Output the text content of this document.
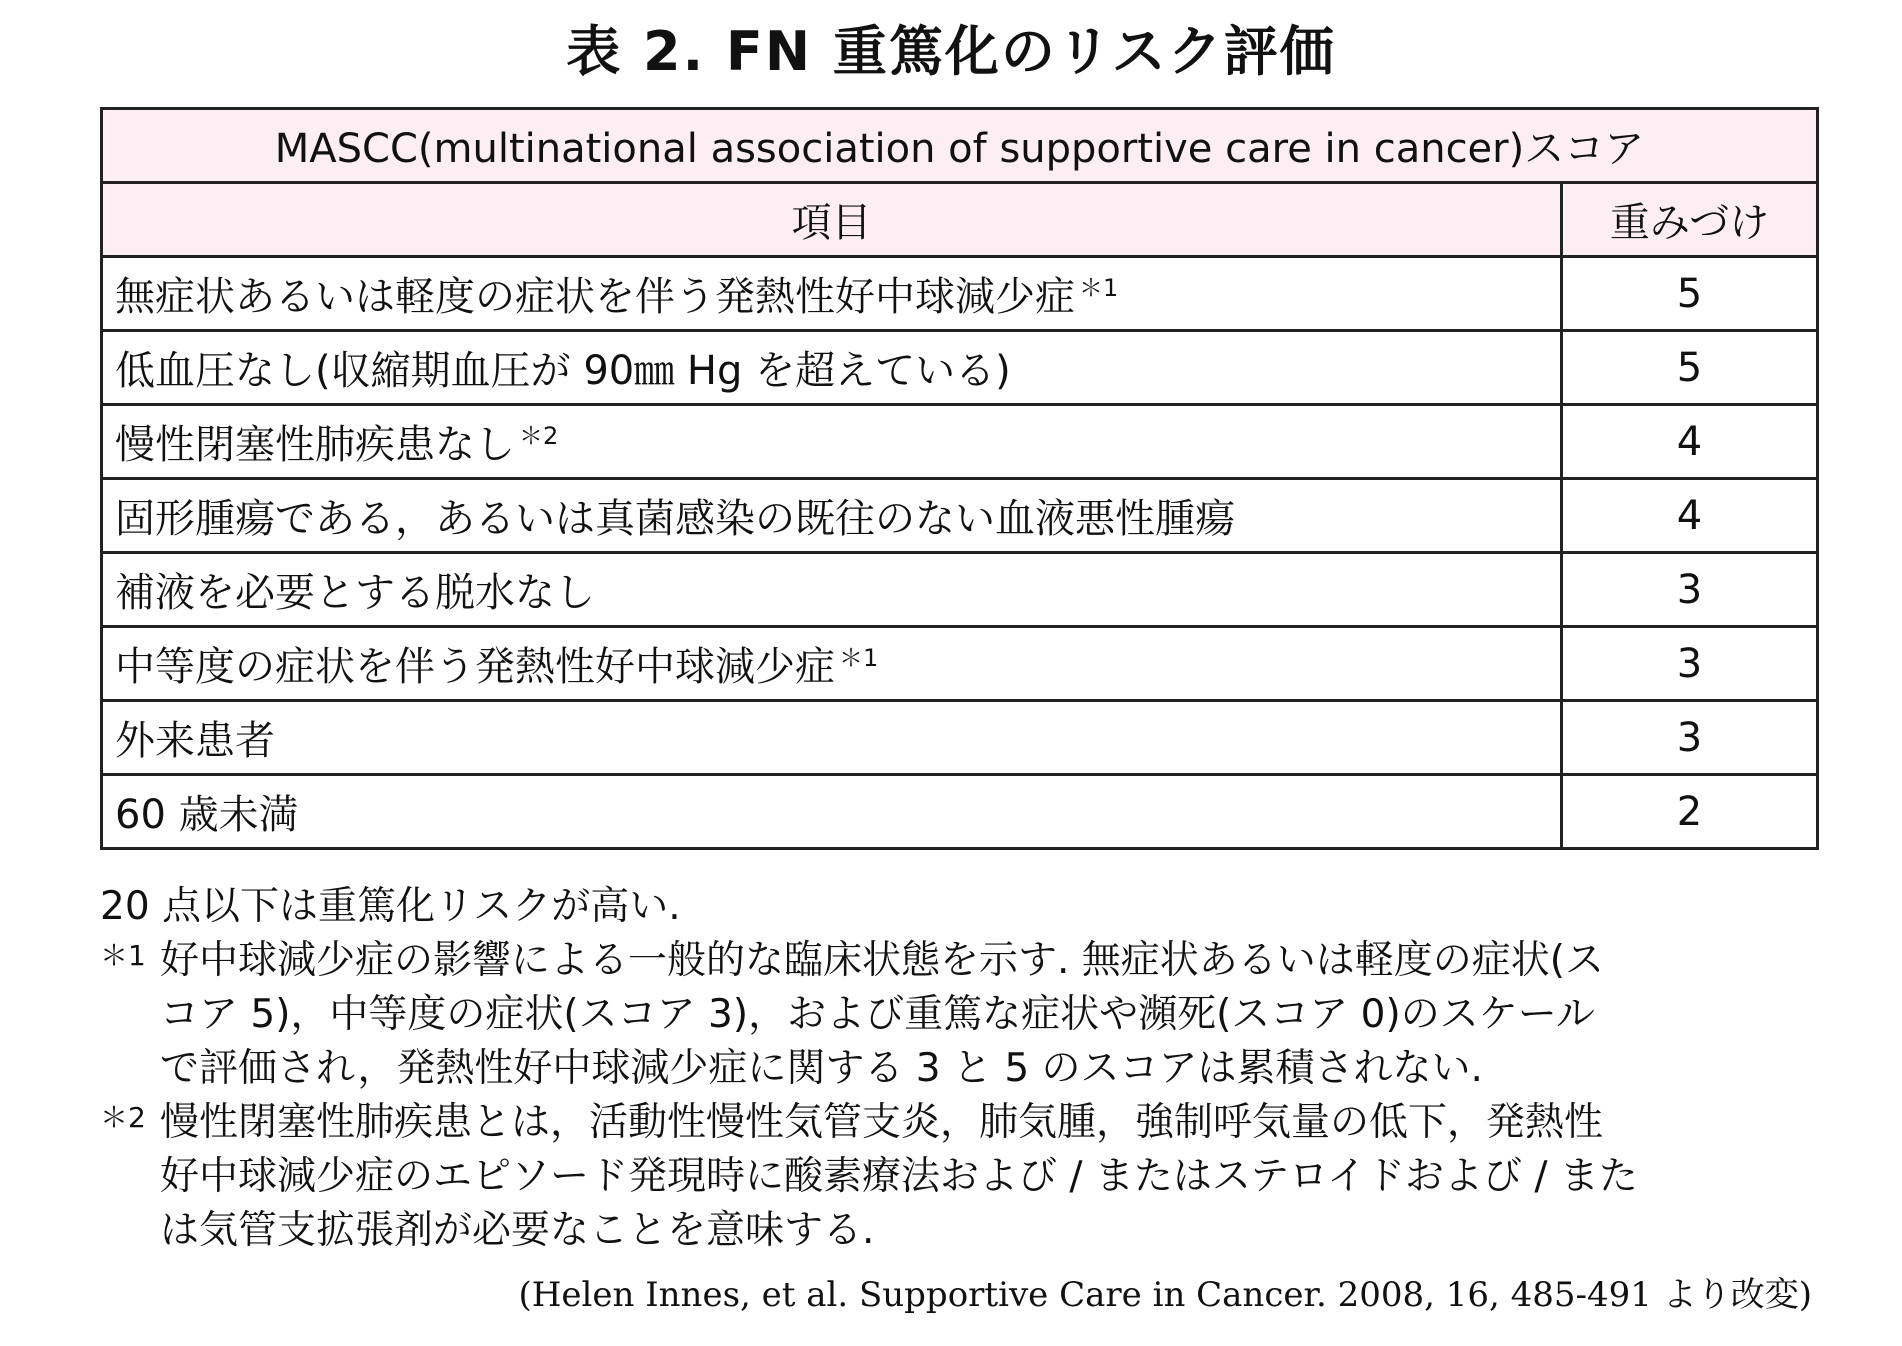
表 2. FN 重篤化のリスク評価
MASCC(multinational association of supportive care in cancer)スコア	
項目	重みづけ
無症状あるいは軽度の症状を伴う発熱性好中球減少症 $^{*1}$	5
低血圧なし(収縮期血圧が 90㎜ Hg を超えている)	5
慢性閉塞性肺疾患なし $^{*2}$	4
固形腫瘍である，あるいは真菌感染の既往のない血液悪性腫瘍	4
補液を必要とする脱水なし	3
中等度の症状を伴う発熱性好中球減少症 $^{*1}$	3
外来患者	3
60 歳未満	2
20 点以下は重篤化リスクが高い.
＊1 好中球減少症の影響による一般的な臨床状態を示す. 無症状あるいは軽度の症状(ス
コア 5)，中等度の症状(スコア 3)，および重篤な症状や瀕死(スコア 0)のスケール
で評価され，発熱性好中球減少症に関する 3 と 5 のスコアは累積されない.
＊2 慢性閉塞性肺疾患とは，活動性慢性気管支炎，肺気腫，強制呼気量の低下，発熱性
好中球減少症のエピソード発現時に酸素療法および / またはステロイドおよび / また
は気管支拡張剤が必要なことを意味する.
(Helen Innes, et al. Supportive Care in Cancer. 2008, 16, 485-491 より改変)
